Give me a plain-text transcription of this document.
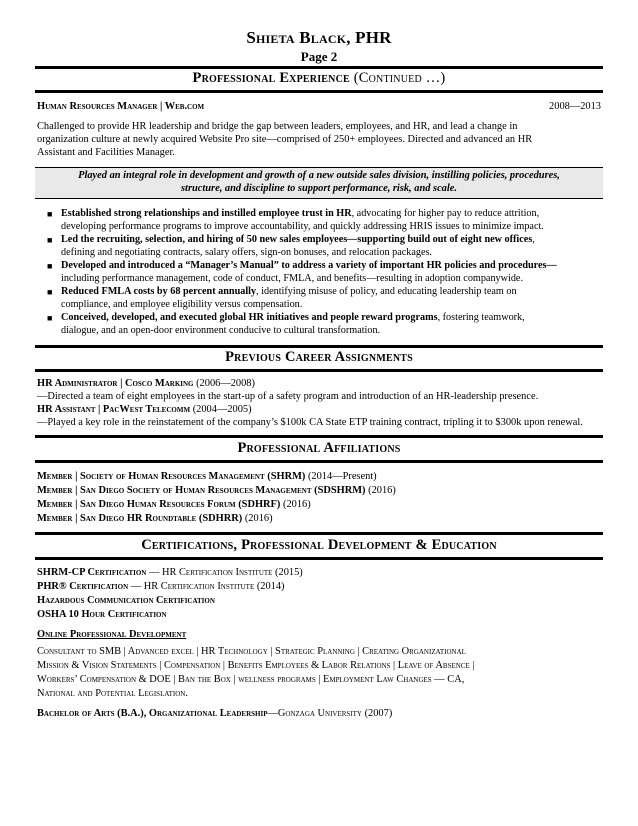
Shieta Black, PHR
Page 2
Professional Experience (Continued …)
Human Resources Manager | Web.com	2008—2013
Challenged to provide HR leadership and bridge the gap between leaders, employees, and HR, and lead a change in
organization culture at newly acquired Website Pro site—comprised of 250+ employees. Directed and advanced an HR
Assistant and Facilities Manager.
Played an integral role in development and growth of a new outside sales division, instilling policies, procedures,
structure, and discipline to support performance, risk, and scale.
■ Established strong relationships and instilled employee trust in HR, advocating for higher pay to reduce attrition,
developing performance programs to improve accountability, and quickly addressing HRIS issues to minimize impact.
■ Led the recruiting, selection, and hiring of 50 new sales employees—supporting build out of eight new offices,
defining and negotiating contracts, salary offers, sign-on bonuses, and relocation packages.
■ Developed and introduced a “Manager’s Manual” to address a variety of important HR policies and procedures—
including performance management, code of conduct, FMLA, and benefits—resulting in adoption companywide.
■ Reduced FMLA costs by 68 percent annually, identifying misuse of policy, and educating leadership team on
compliance, and employee eligibility versus compensation.
■ Conceived, developed, and executed global HR initiatives and people reward programs, fostering teamwork,
dialogue, and an open-door environment conducive to cultural transformation.
Previous Career Assignments
HR Administrator | Cosco Marking (2006—2008)
—Directed a team of eight employees in the start-up of a safety program and introduction of an HR-leadership presence.
HR Assistant | PacWest Telecomm (2004—2005)
—Played a key role in the reinstatement of the company’s $100k CA State ETP training contract, tripling it to $300k upon renewal.
Professional Affiliations
Member | Society of Human Resources Management (SHRM) (2014—Present)
Member | San Diego Society of Human Resources Management (SDSHRM) (2016)
Member | San Diego Human Resources Forum (SDHRF) (2016)
Member | San Diego HR Roundtable (SDHRR) (2016)
Certifications, Professional Development & Education
SHRM-CP Certification — HR Certification Institute (2015)
PHR® Certification — HR Certification Institute (2014)
Hazardous Communication Certification
OSHA 10 Hour Certification
Online Professional Development
Consultant to SMB | Advanced excel | HR Technology | Strategic Planning | Creating Organizational
Mission & Vision Statements | Compensation | Benefits Employees & Labor Relations | Leave of Absence |
Workers’ Compensation & DOE | Ban the Box | wellness programs | Employment Law Changes — CA,
National and Potential Legislation.
Bachelor of Arts (B.A.), Organizational Leadership—Gonzaga University (2007)
